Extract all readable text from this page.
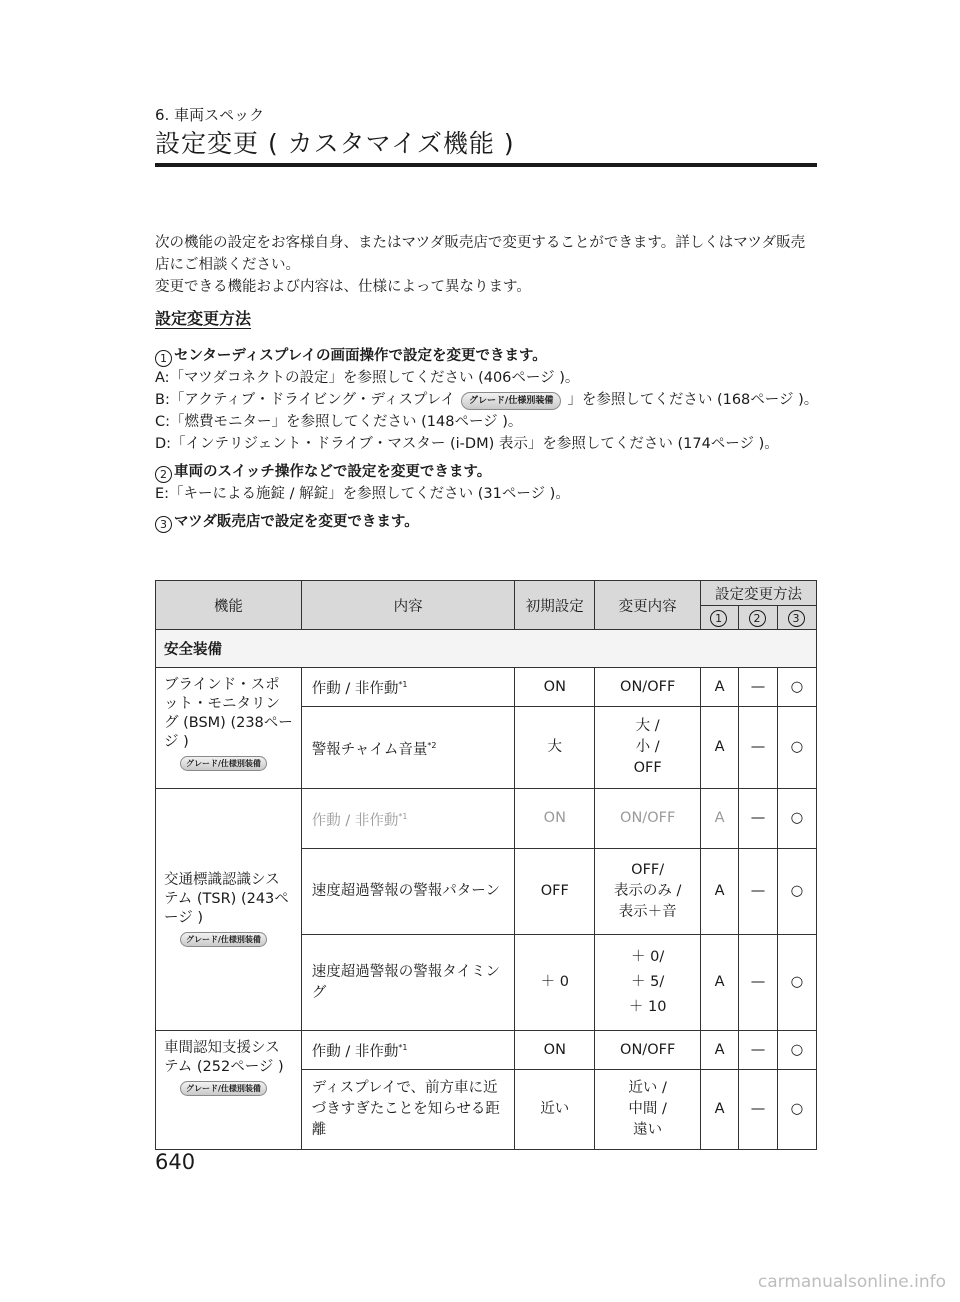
6. 車両スペック
設定変更 ( カスタマイズ機能 )
次の機能の設定をお客様自身、またはマツダ販売店で変更することができます。詳しくはマツダ販売店にご相談ください。
変更できる機能および内容は、仕様によって異なります。
設定変更方法
1 センターディスプレイの画面操作で設定を変更できます。
A:「マツダコネクトの設定」を参照してください (406ページ )。
B:「アクティブ・ドライビング・ディスプレイ グレード/仕様別装備 」を参照してください (168ページ )。
C:「燃費モニター」を参照してください (148ページ )。
D:「インテリジェント・ドライブ・マスター (i-DM) 表示」を参照してください (174ページ )。
2 車両のスイッチ操作などで設定を変更できます。
E:「キーによる施錠 / 解錠」を参照してください (31ページ )。
3 マツダ販売店で設定を変更できます。
機能	内容	初期設定	変更内容	設定変更方法		
				1	2	3
安全装備						

ブラインド・スポット・モニタリング (BSM) (238ページ )
グレード/仕様別装備	作動 / 非作動$^{*1}$	ON	ON/OFF	A	—	○
	警報チャイム音量$^{*2}$	大	大 /
小 /
OFF	A	—	○

交通標識認識システム (TSR) (243ページ )
グレード/仕様別装備	作動 / 非作動$^{*1}$	ON	ON/OFF	A	—	○
	速度超過警報の警報パターン	OFF	OFF/
表示のみ /
表示＋音	A	—	○
	速度超過警報の警報タイミング	＋ 0	＋ 0/
＋ 5/
＋ 10	A	—	○

車間認知支援システム (252ページ )
グレード/仕様別装備	作動 / 非作動$^{*1}$	ON	ON/OFF	A	—	○
	ディスプレイで、前方車に近づきすぎたことを知らせる距離	近い	近い /
中間 /
遠い	A	—	○
640
carmanualsonline.info
